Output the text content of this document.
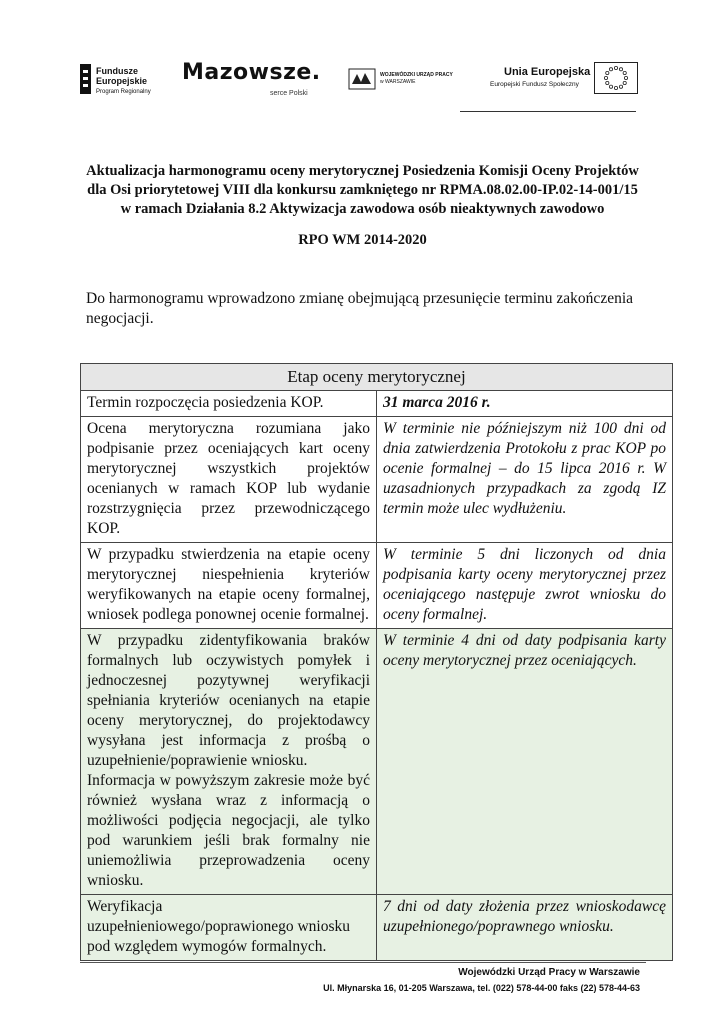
Fundusze
Europejskie
Program Regionalny
Mazowsze.
serce Polski
WOJEWÓDZKI URZĄD PRACY
w WARSZAWIE
Unia Europejska
Europejski Fundusz Społeczny
Aktualizacja harmonogramu oceny merytorycznej Posiedzenia Komisji Oceny Projektów
dla Osi priorytetowej VIII dla konkursu zamkniętego nr RPMA.08.02.00-IP.02-14-001/15
w ramach Działania 8.2 Aktywizacja zawodowa osób nieaktywnych zawodowo
RPO WM 2014-2020
Do harmonogramu wprowadzono zmianę obejmującą przesunięcie terminu zakończenia negocjacji.
Etap oceny merytorycznej	

Termin rozpoczęcia posiedzenia KOP.	31 marca 2016 r.

Ocena merytoryczna rozumiana jako podpisanie przez oceniających kart oceny merytorycznej wszystkich projektów ocenianych w ramach KOP lub wydanie rozstrzygnięcia przez przewodniczącego KOP.	W terminie nie później​szym niż 100 dni od dnia zatwierdzenia Protokołu z prac KOP po ocenie formalnej – do 15 lipca 2016 r. W uzasadnionych przypadkach za zgodą IZ termin może ulec wydłużeniu.

W przypadku stwierdzenia na etapie oceny merytorycznej niespełnienia kryteriów weryfikowanych na etapie oceny formalnej, wniosek podlega ponownej ocenie formalnej.	W terminie 5 dni liczonych od dnia podpisania karty oceny merytorycznej przez oceniającego następuje zwrot wniosku do oceny formalnej.

W przypadku zidentyfikowania braków formalnych lub oczywistych pomyłek i jednoczesnej pozytywnej weryfikacji spełniania kryteriów ocenianych na etapie oceny merytorycznej, do projektodawcy wysyłana jest informacja z prośbą o uzupełnienie/poprawienie wniosku.

Informacja w powyższym zakresie może być również wysłana wraz z informacją o możliwości podjęcia negocjacji, ale tylko pod warunkiem jeśli brak formalny nie uniemożliwia przeprowadzenia oceny wniosku.	W terminie 4 dni od daty podpisania karty oceny merytorycznej przez oceniających.

Weryfikacja uzupełnieniowego/poprawionego wniosku pod względem wymogów formalnych.	7 dni od daty złożenia przez wnioskodawcę uzupełnionego/poprawnego wniosku.
Wojewódzki Urząd Pracy w Warszawie
Ul. Młynarska 16, 01-205 Warszawa, tel. (022) 578-44-00 faks (22) 578-44-63
